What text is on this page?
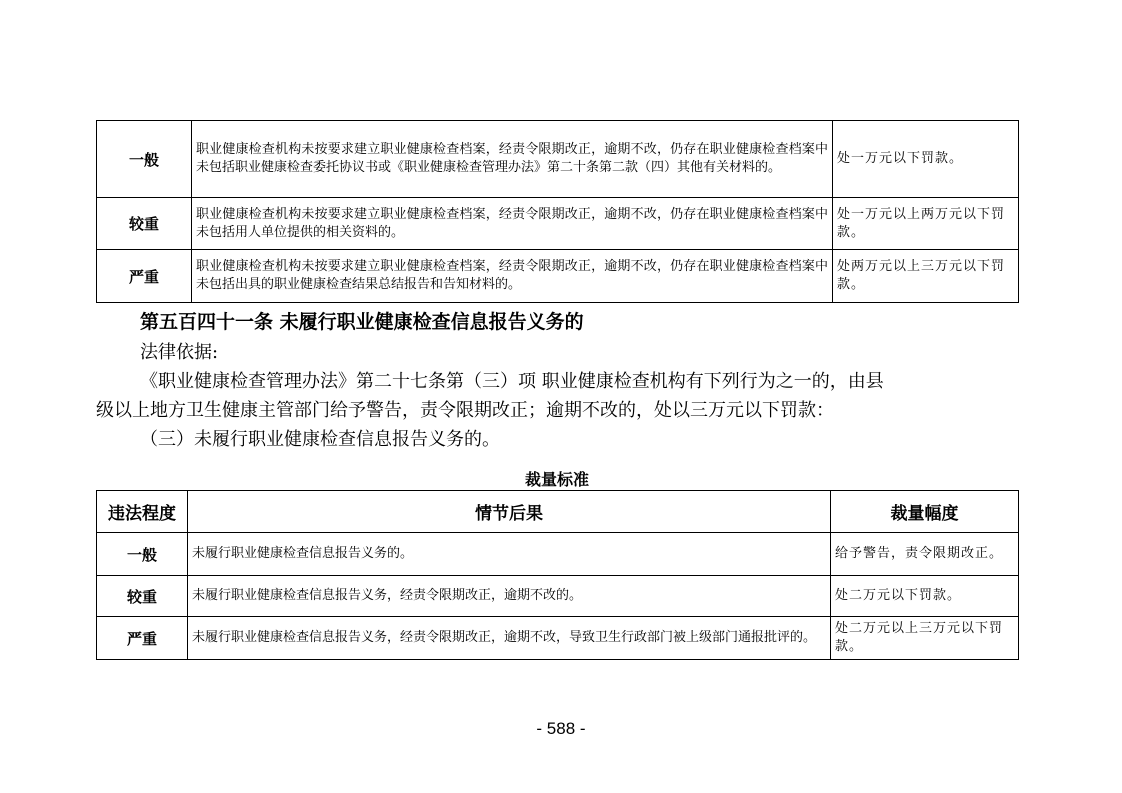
一般	职业健康检查机构未按要求建立职业健康检查档案，经责令限期改正，逾期不改，仍存在职业健康检查档案中未包括职业健康检查委托协议书或《职业健康检查管理办法》第二十条第二款（四）其他有关材料的。	处一万元以下罚款。
较重	职业健康检查机构未按要求建立职业健康检查档案，经责令限期改正，逾期不改，仍存在职业健康检查档案中未包括用人单位提供的相关资料的。	处一万元以上两万元以下罚款。
严重	职业健康检查机构未按要求建立职业健康检查档案，经责令限期改正，逾期不改，仍存在职业健康检查档案中未包括出具的职业健康检查结果总结报告和告知材料的。	处两万元以上三万元以下罚款。
第五百四十一条 未履行职业健康检查信息报告义务的

法律依据:

《职业健康检查管理办法》第二十七条第（三）项 职业健康检查机构有下列行为之一的，由县

级以上地方卫生健康主管部门给予警告，责令限期改正；逾期不改的，处以三万元以下罚款：

（三）未履行职业健康检查信息报告义务的。

裁量标准

违法程度	情节后果	裁量幅度
一般	未履行职业健康检查信息报告义务的。	给予警告，责令限期改正。
较重	未履行职业健康检查信息报告义务，经责令限期改正，逾期不改的。	处二万元以下罚款。
严重	未履行职业健康检查信息报告义务，经责令限期改正，逾期不改，导致卫生行政部门被上级部门通报批评的。	处二万元以上三万元以下罚款。
- 588 -
